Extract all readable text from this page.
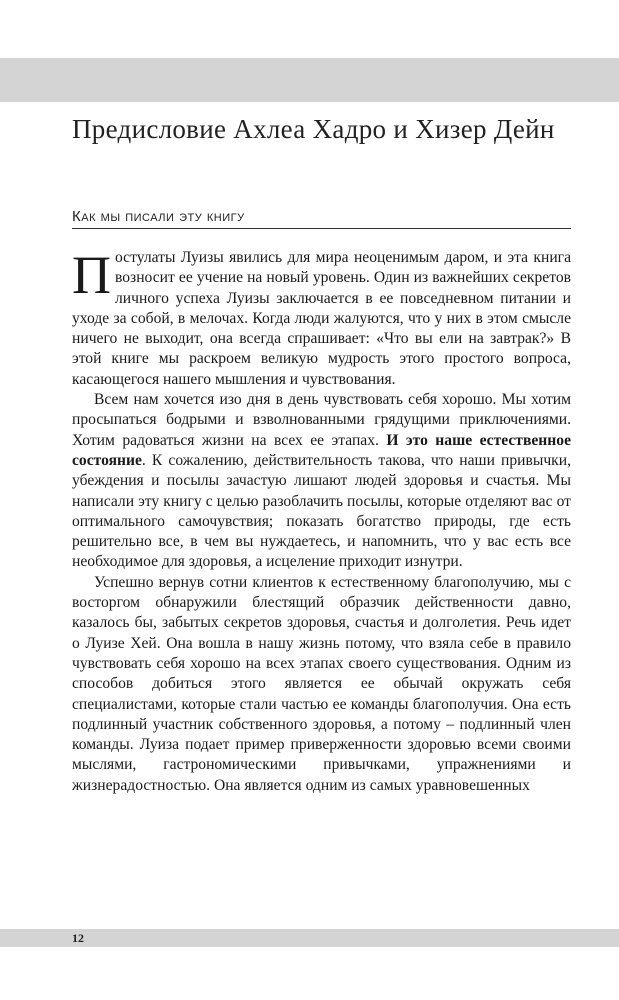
Предисловие Ахлеа Хадро и Хизер Дейн
Как мы писали эту книгу

Постулаты Луизы явились для мира неоценимым даром, и эта книга возносит ее учение на новый уровень. Один из важнейших секретов личного успеха Луизы заключается в ее повседневном питании и уходе за собой, в мелочах. Когда люди жалуются, что у них в этом смысле ничего не выходит, она всегда спрашивает: «Что вы ели на завтрак?» В этой книге мы раскроем великую мудрость этого простого вопроса, касающегося нашего мышления и чувствования.

Всем нам хочется изо дня в день чувствовать себя хорошо. Мы хотим просыпаться бодрыми и взволнованными грядущими приключениями. Хотим радоваться жизни на всех ее этапах. И это наше естественное состояние. К сожалению, действительность такова, что наши привычки, убеждения и посылы зачастую лишают людей здоровья и счастья. Мы написали эту книгу с целью разоблачить посылы, которые отделяют вас от оптимального самочувствия; показать богатство природы, где есть решительно все, в чем вы нуждаетесь, и напомнить, что у вас есть все необходимое для здоровья, а исцеление приходит изнутри.

Успешно вернув сотни клиентов к естественному благополучию, мы с восторгом обнаружили блестящий образчик действенности давно, казалось бы, забытых секретов здоровья, счастья и долголетия. Речь идет о Луизе Хей. Она вошла в нашу жизнь потому, что взяла себе в правило чувствовать себя хорошо на всех этапах своего существования. Одним из способов добиться этого является ее обычай окружать себя специалистами, которые стали частью ее команды благополучия. Она есть подлинный участник собственного здоровья, а потому – подлинный член команды. Луиза подает пример приверженности здоровью всеми своими мыслями, гастрономическими привычками, упражнениями и жизнерадостностью. Она является одним из самых уравновешенных

12
